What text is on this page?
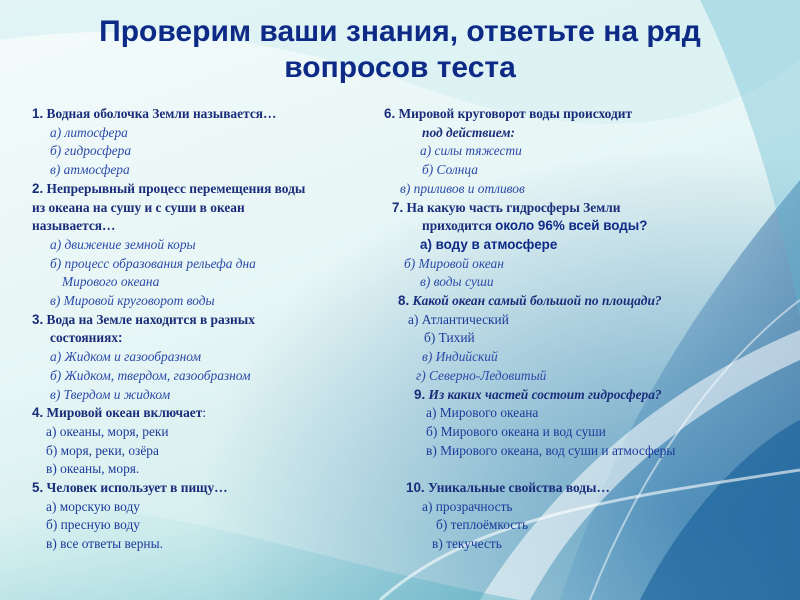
Проверим ваши знания, ответьте на ряд
вопросов теста
1. Водная оболочка Земли называется…
а) литосфера
б) гидросфера
в) атмосфера
2. Непрерывный процесс перемещения воды
из океана на сушу и с суши в океан
называется…
а) движение земной коры
б) процесс образования рельефа дна
Мирового океана
в) Мировой круговорот воды
3. Вода на Земле находится в разных
состояниях:
а) Жидком и газообразном
б) Жидком, твердом, газообразном
в) Твердом и жидком
4. Мировой океан включает:
а) океаны, моря, реки
б) моря, реки, озёра
в) океаны, моря.
5. Человек использует в пищу…
а) морскую воду
б) пресную воду
в) все ответы верны.
6. Мировой круговорот воды происходит
под действием:
а) силы тяжести
б) Солнца
в) приливов и отливов
7. На какую часть гидросферы Земли
приходится около 96% всей воды?
а) воду в атмосфере
б) Мировой океан
в) воды суши
8. Какой океан самый большой по площади?
а) Атлантический
б) Тихий
в) Индийский
г) Северно-Ледовитый
9. Из каких частей состоит гидросфера?
а) Мирового океана
б) Мирового океана и вод суши
в) Мирового океана, вод суши и атмосферы
10. Уникальные свойства воды…
а) прозрачность
б) теплоёмкость
в) текучесть
